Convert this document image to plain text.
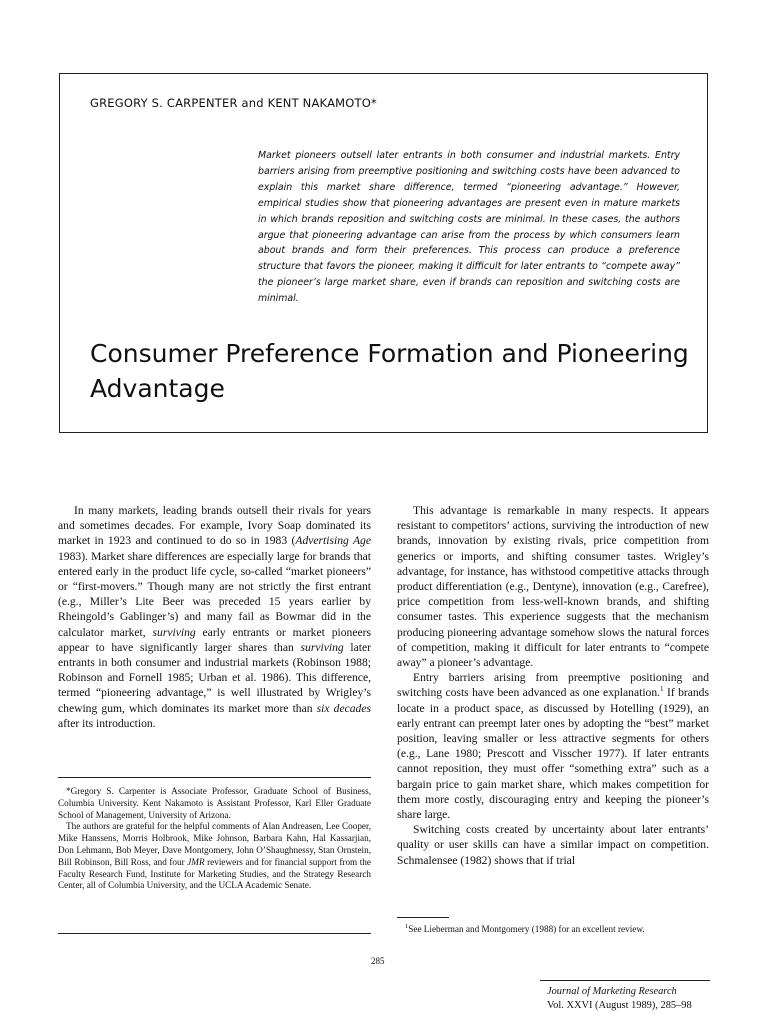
GREGORY S. CARPENTER and KENT NAKAMOTO*

Market pioneers outsell later entrants in both consumer and industrial markets. Entry barriers arising from preemptive positioning and switching costs have been advanced to explain this market share difference, termed “pioneering advantage.” However, empirical studies show that pioneering advantages are present even in mature markets in which brands reposition and switching costs are minimal. In these cases, the authors argue that pioneering advantage can arise from the process by which consumers learn about brands and form their preferences. This process can produce a preference structure that favors the pioneer, making it difficult for later entrants to “compete away” the pioneer’s large market share, even if brands can reposition and switching costs are minimal.

Consumer Preference Formation and Pioneering Advantage

In many markets, leading brands outsell their rivals for years and sometimes decades. For example, Ivory Soap dominated its market in 1923 and continued to do so in 1983 (Advertising Age 1983). Market share differences are especially large for brands that entered early in the product life cycle, so-called “market pioneers” or “first-movers.” Though many are not strictly the first entrant (e.g., Miller’s Lite Beer was preceded 15 years earlier by Rheingold’s Gablinger’s) and many fail as Bowmar did in the calculator market, surviving early entrants or market pioneers appear to have significantly larger shares than surviving later entrants in both consumer and industrial markets (Robinson 1988; Robinson and Fornell 1985; Urban et al. 1986). This difference, termed “pioneering advantage,” is well illustrated by Wrigley’s chewing gum, which dominates its market more than six decades after its introduction.

This advantage is remarkable in many respects. It appears resistant to competitors’ actions, surviving the introduction of new brands, innovation by existing rivals, price competition from generics or imports, and shifting consumer tastes. Wrigley’s advantage, for instance, has withstood competitive attacks through product differentiation (e.g., Dentyne), innovation (e.g., Carefree), price competition from less-well-known brands, and shifting consumer tastes. This experience suggests that the mechanism producing pioneering advantage somehow slows the natural forces of competition, making it difficult for later entrants to “compete away” a pioneer’s advantage.

Entry barriers arising from preemptive positioning and switching costs have been advanced as one explanation.$^1$ If brands locate in a product space, as discussed by Hotelling (1929), an early entrant can preempt later ones by adopting the “best” market position, leaving smaller or less attractive segments for others (e.g., Lane 1980; Prescott and Visscher 1977). If later entrants cannot reposition, they must offer “something extra” such as a bargain price to gain market share, which makes competition for them more costly, discouraging entry and keeping the pioneer’s share large.

Switching costs created by uncertainty about later entrants’ quality or user skills can have a similar impact on competition. Schmalensee (1982) shows that if trial

*Gregory S. Carpenter is Associate Professor, Graduate School of Business, Columbia University. Kent Nakamoto is Assistant Professor, Karl Eller Graduate School of Management, University of Arizona.

The authors are grateful for the helpful comments of Alan Andreasen, Lee Cooper, Mike Hanssens, Morris Holbrook, Mike Johnson, Barbara Kahn, Hal Kassarjian, Don Lehmann, Bob Meyer, Dave Montgomery, John O’Shaughnessy, Stan Ornstein, Bill Robinson, Bill Ross, and four JMR reviewers and for financial support from the Faculty Research Fund, Institute for Marketing Studies, and the Strategy Research Center, all of Columbia University, and the UCLA Academic Senate.

$^1$See Lieberman and Montgomery (1988) for an excellent review.
285
Journal of Marketing Research
Vol. XXVI (August 1989), 285–98
